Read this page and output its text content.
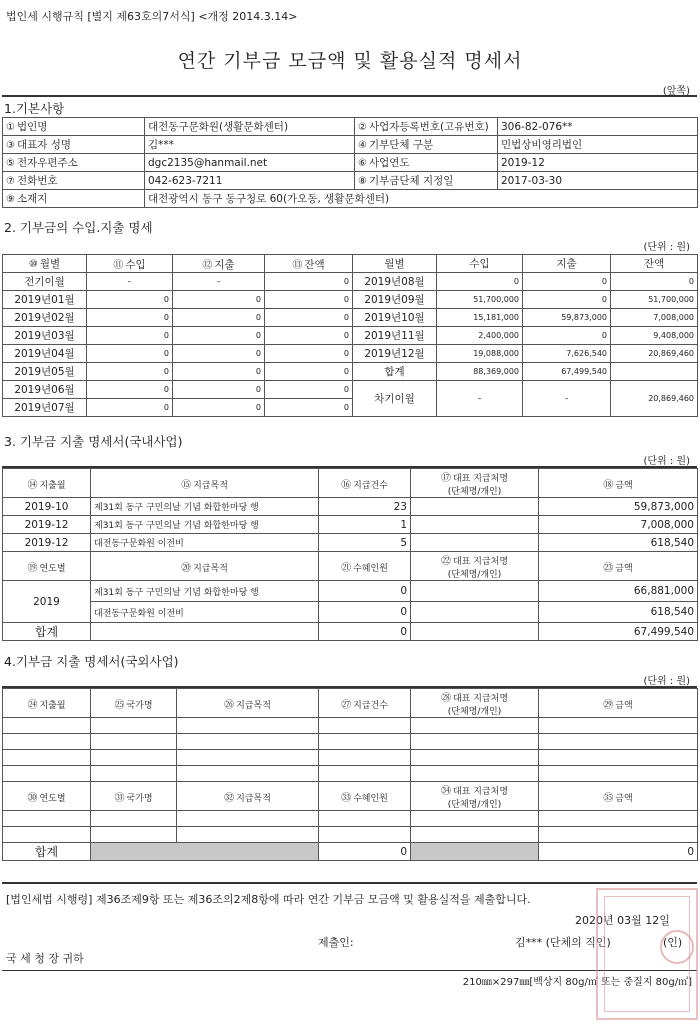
법인세 시행규칙 [별지 제63호의7서식] <개정 2014.3.14>
연간 기부금 모금액 및 활용실적 명세서
(앞쪽)
1.기본사항
① 법인명	대전동구문화원(생활문화센터)	② 사업자등록번호(고유번호)	306-82-076**
③ 대표자 성명	김***	④ 기부단체 구분	민법상비영리법인
⑤ 전자우편주소	dgc2135@hanmail.net	⑥ 사업연도	2019-12
⑦ 전화번호	042-623-7211	⑧ 기부금단체 지정일	2017-03-30
⑨ 소재지	대전광역시 동구 동구청로 60(가오동, 생활문화센터)		
2. 기부금의 수입.지출 명세
(단위 : 원)
⑩ 월별	⑪ 수입	⑫ 지출	⑬ 잔액	월별	수입	지출	잔액
전기이월	–	–	0	2019년08월	0	0	0
2019년01월	0	0	0	2019년09월	51,700,000	0	51,700,000
2019년02월	0	0	0	2019년10월	15,181,000	59,873,000	7,008,000
2019년03월	0	0	0	2019년11월	2,400,000	0	9,408,000
2019년04월	0	0	0	2019년12월	19,088,000	7,626,540	20,869,460
2019년05월	0	0	0	합계	88,369,000	67,499,540	
2019년06월	0	0	0	차기이월	–	–	20,869,460
2019년07월	0	0	0				
3. 기부금 지출 명세서(국내사업)
(단위 : 원)
⑭ 지출월	⑮ 지급목적	⑯ 지급건수	⑰ 대표 지급처명
(단체명/개인)	⑱ 금액
2019-10	제31회 동구 구민의날 기념 화합한마당 행	23		59,873,000
2019-12	제31회 동구 구민의날 기념 화합한마당 행	1		7,008,000
2019-12	대전동구문화원 이전비	5		618,540
⑲ 연도별	⑳ 지급목적	㉑ 수혜인원	㉒ 대표 지급처명
(단체명/개인)	㉓ 금액
2019	제31회 동구 구민의날 기념 화합한마당 행	0		66,881,000
	대전동구문화원 이전비	0		618,540
합계		0		67,499,540
4.기부금 지출 명세서(국외사업)
(단위 : 원)
㉔ 지출월	㉕ 국가명	㉖ 지급목적	㉗ 지급건수	㉘ 대표 지급처명
(단체명/개인)	㉙ 금액

㉚ 연도별	㉛ 국가명	㉜ 지급목적	㉝ 수혜인원	㉞ 대표 지급처명
(단체명/개인)	㉟ 금액

합계			0		0
[법인세법 시행령] 제36조제9항 또는 제36조의2제8항에 따라 연간 기부금 모금액 및 활용실적을 제출합니다.
2020년 03월 12일
제출인:	김*** (단체의 직인)	(인)
국 세 청 장 귀하
210㎜×297㎜[백상지 80g/㎡ 또는 중질지 80g/㎡]
